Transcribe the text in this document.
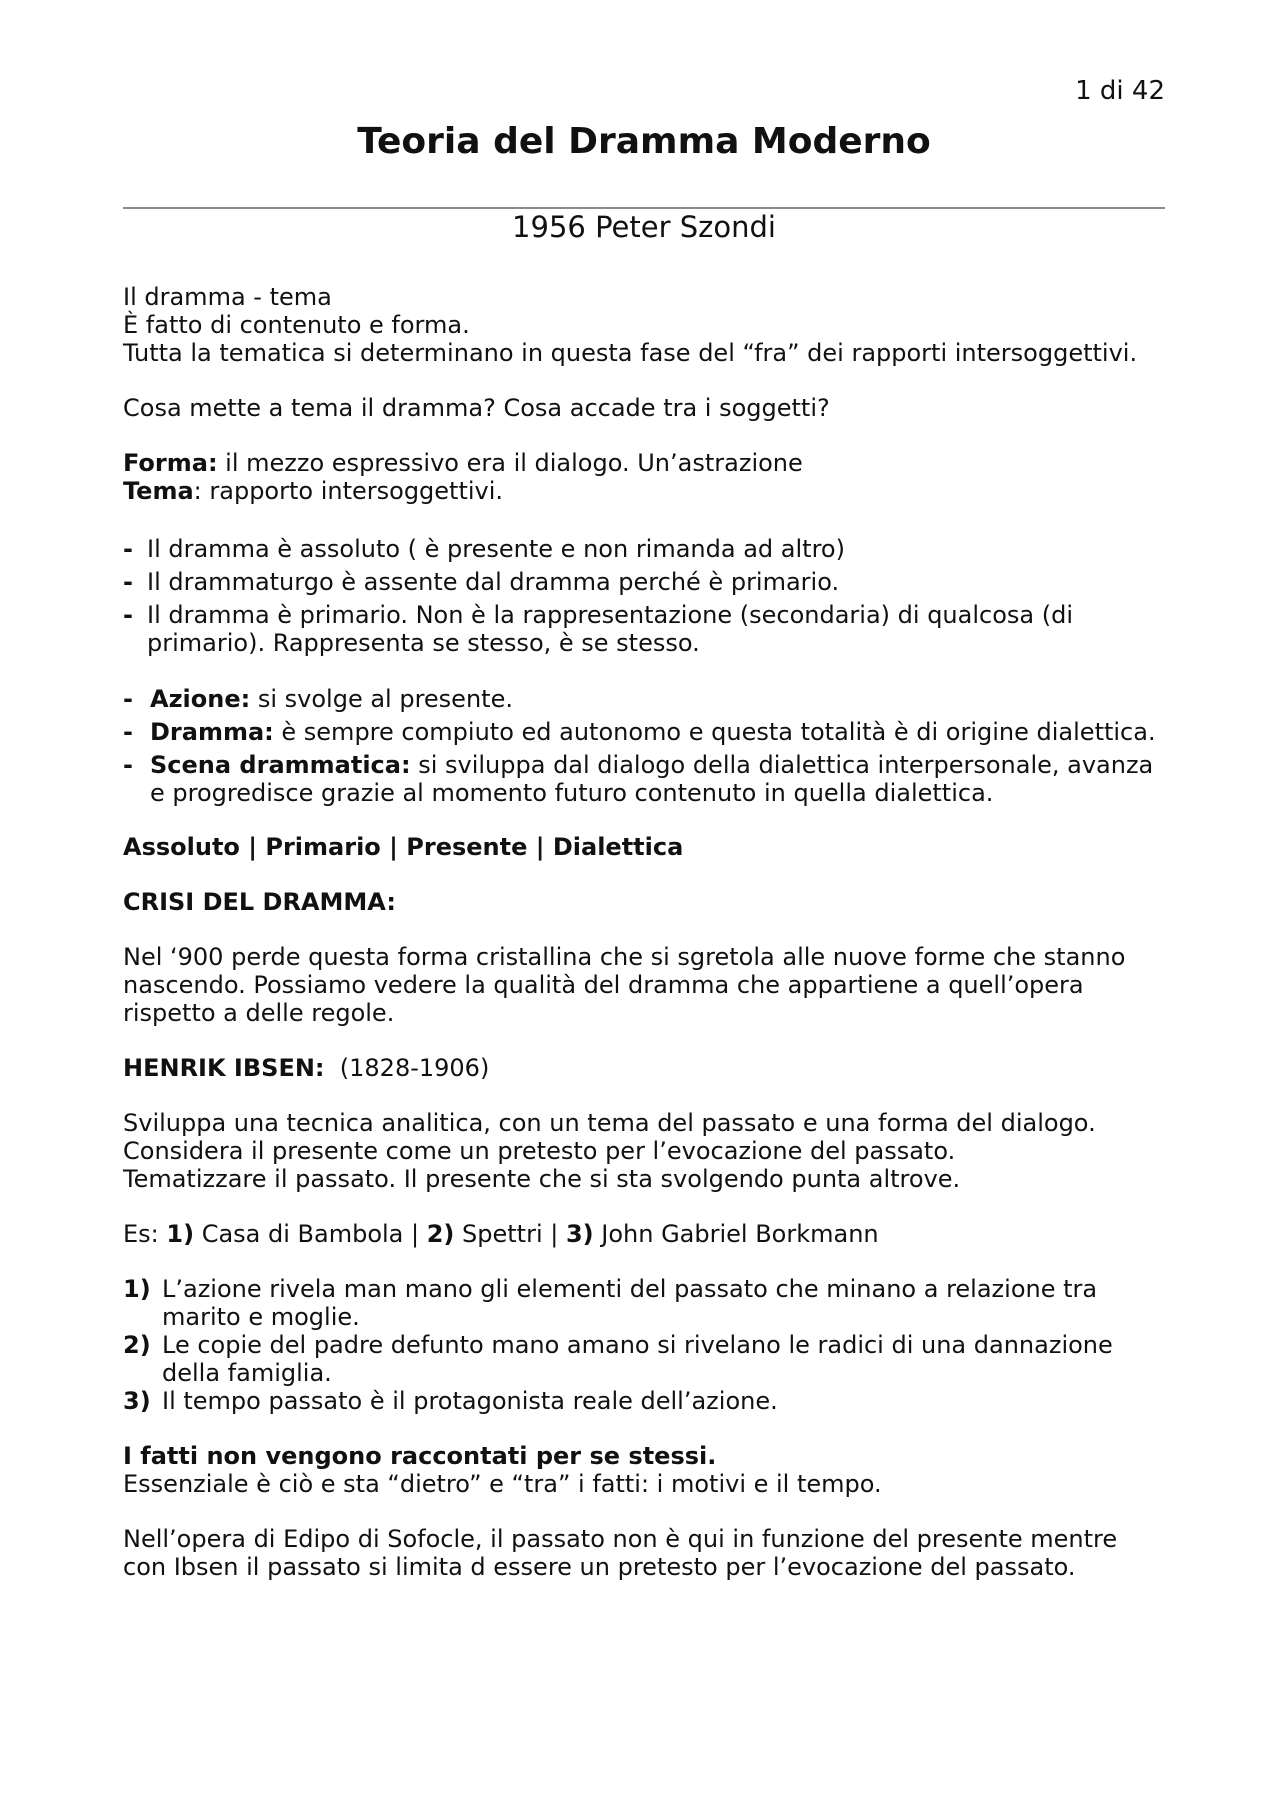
1 di 42
Teoria del Dramma Moderno
1956 Peter Szondi

Il dramma - tema

È fatto di contenuto e forma.

Tutta la tematica si determinano in questa fase del “fra” dei rapporti intersoggettivi.

Cosa mette a tema il dramma? Cosa accade tra i soggetti?

Forma: il mezzo espressivo era il dialogo. Un’astrazione

Tema: rapporto intersoggettivi.

- Il dramma è assoluto ( è presente e non rimanda ad altro)
- Il drammaturgo è assente dal dramma perché è primario.
- Il dramma è primario. Non è la rappresentazione (secondaria) di qualcosa (di primario). Rappresenta se stesso, è se stesso.
- Azione: si svolge al presente.
- Dramma: è sempre compiuto ed autonomo e questa totalità è di origine dialettica.
- Scena drammatica: si sviluppa dal dialogo della dialettica interpersonale, avanza e progredisce grazie al momento futuro contenuto in quella dialettica.

Assoluto | Primario | Presente | Dialettica

CRISI DEL DRAMMA:

Nel ‘900 perde questa forma cristallina che si sgretola alle nuove forme che stanno nascendo. Possiamo vedere la qualità del dramma che appartiene a quell’opera rispetto a delle regole.

HENRIK IBSEN:  (1828-1906)

Sviluppa una tecnica analitica, con un tema del passato e una forma del dialogo.

Considera il presente come un pretesto per l’evocazione del passato.

Tematizzare il passato. Il presente che si sta svolgendo punta altrove.

Es: 1) Casa di Bambola | 2) Spettri | 3) John Gabriel Borkmann

1) L’azione rivela man mano gli elementi del passato che minano a relazione tra marito e moglie.
2) Le copie del padre defunto mano amano si rivelano le radici di una dannazione della famiglia.
3) Il tempo passato è il protagonista reale dell’azione.

I fatti non vengono raccontati per se stessi.

Essenziale è ciò e sta “dietro” e “tra” i fatti: i motivi e il tempo.

Nell’opera di Edipo di Sofocle, il passato non è qui in funzione del presente mentre con Ibsen il passato si limita d essere un pretesto per l’evocazione del passato.
